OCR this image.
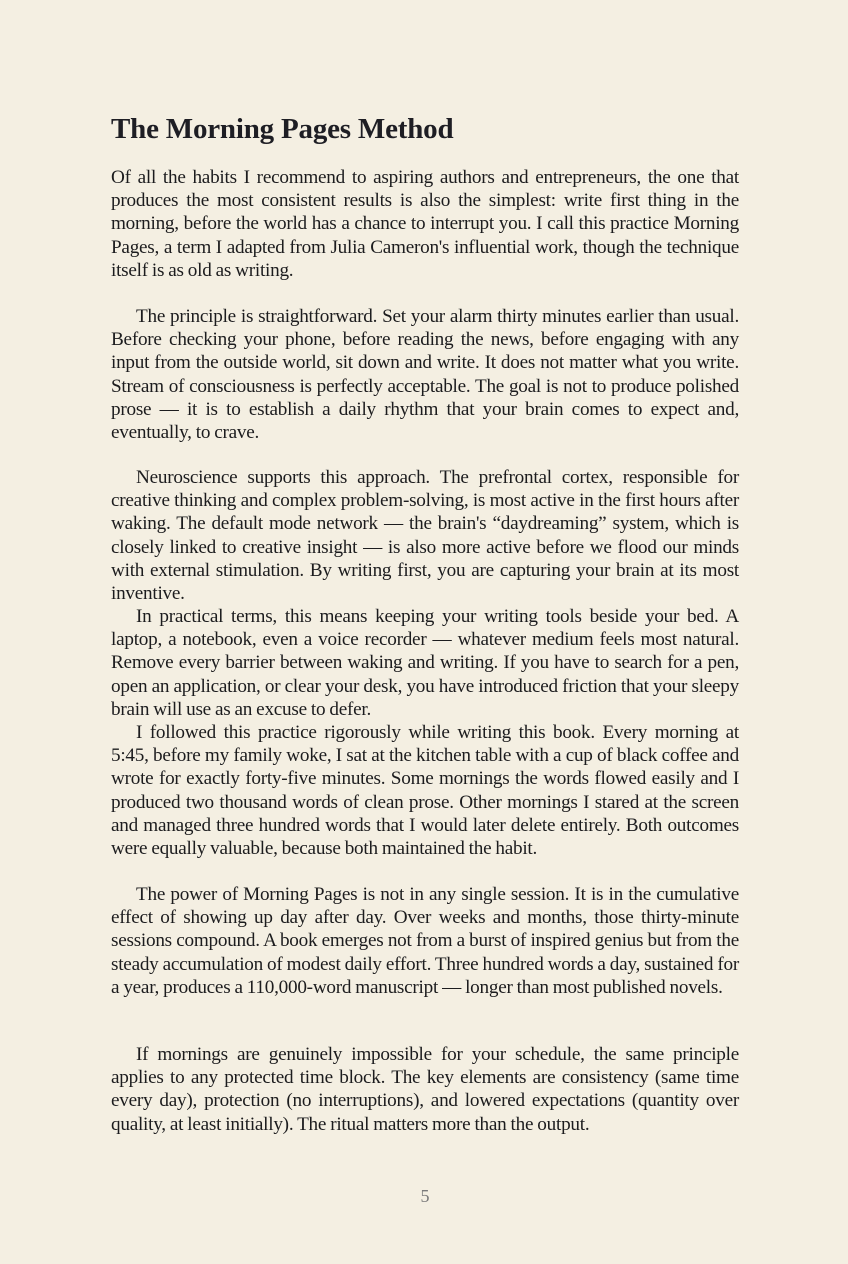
The Morning Pages Method

Of all the habits I recommend to aspiring authors and entrepreneurs, the one that produces the most consistent results is also the simplest: write first thing in the morning, before the world has a chance to interrupt you. I call this practice Morning Pages, a term I adapted from Julia Cameron's influential work, though the technique itself is as old as writing.

The principle is straightforward. Set your alarm thirty minutes earlier than usual. Before checking your phone, before reading the news, before engaging with any input from the outside world, sit down and write. It does not matter what you write. Stream of consciousness is perfectly acceptable. The goal is not to produce polished prose — it is to establish a daily rhythm that your brain comes to expect and, eventually, to crave.

Neuroscience supports this approach. The prefrontal cortex, responsible for creative thinking and complex problem-solving, is most active in the first hours after waking. The default mode network — the brain's “daydreaming” system, which is closely linked to creative insight — is also more active before we flood our minds with external stimulation. By writing first, you are capturing your brain at its most inventive.

In practical terms, this means keeping your writing tools beside your bed. A laptop, a notebook, even a voice recorder — whatever medium feels most natural. Remove every barrier between waking and writing. If you have to search for a pen, open an application, or clear your desk, you have introduced friction that your sleepy brain will use as an excuse to defer.

I followed this practice rigorously while writing this book. Every morning at 5:45, before my family woke, I sat at the kitchen table with a cup of black coffee and wrote for exactly forty-five minutes. Some mornings the words flowed easily and I produced two thousand words of clean prose. Other mornings I stared at the screen and managed three hundred words that I would later delete entirely. Both outcomes were equally valuable, because both maintained the habit.

The power of Morning Pages is not in any single session. It is in the cumulative effect of showing up day after day. Over weeks and months, those thirty-minute sessions compound. A book emerges not from a burst of inspired genius but from the steady accumulation of modest daily effort. Three hundred words a day, sustained for a year, produces a 110,000-word manuscript — longer than most published novels.

If mornings are genuinely impossible for your schedule, the same principle applies to any protected time block. The key elements are consistency (same time every day), protection (no interruptions), and lowered expectations (quantity over quality, at least initially). The ritual matters more than the output.

5
